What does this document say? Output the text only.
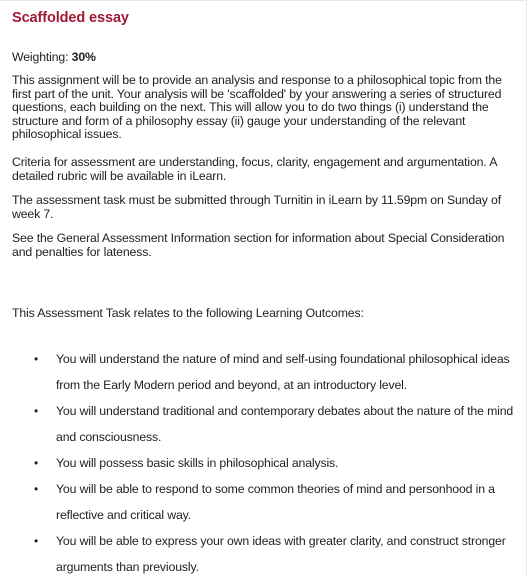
Scaffolded essay

Weighting: 30%

This assignment will be to provide an analysis and response to a philosophical topic from the first part of the unit. Your analysis will be 'scaffolded' by your answering a series of structured questions, each building on the next. This will allow you to do two things (i) understand the structure and form of a philosophy essay (ii) gauge your understanding of the relevant philosophical issues.

Criteria for assessment are understanding, focus, clarity, engagement and argumentation. A detailed rubric will be available in iLearn.

The assessment task must be submitted through Turnitin in iLearn by 11.59pm on Sunday of week 7.

See the General Assessment Information section for information about Special Consideration and penalties for lateness.

This Assessment Task relates to the following Learning Outcomes:

• You will understand the nature of mind and self-using foundational philosophical ideas from the Early Modern period and beyond, at an introductory level.
• You will understand traditional and contemporary debates about the nature of the mind and consciousness.
• You will possess basic skills in philosophical analysis.
• You will be able to respond to some common theories of mind and personhood in a reflective and critical way.
• You will be able to express your own ideas with greater clarity, and construct stronger arguments than previously.
